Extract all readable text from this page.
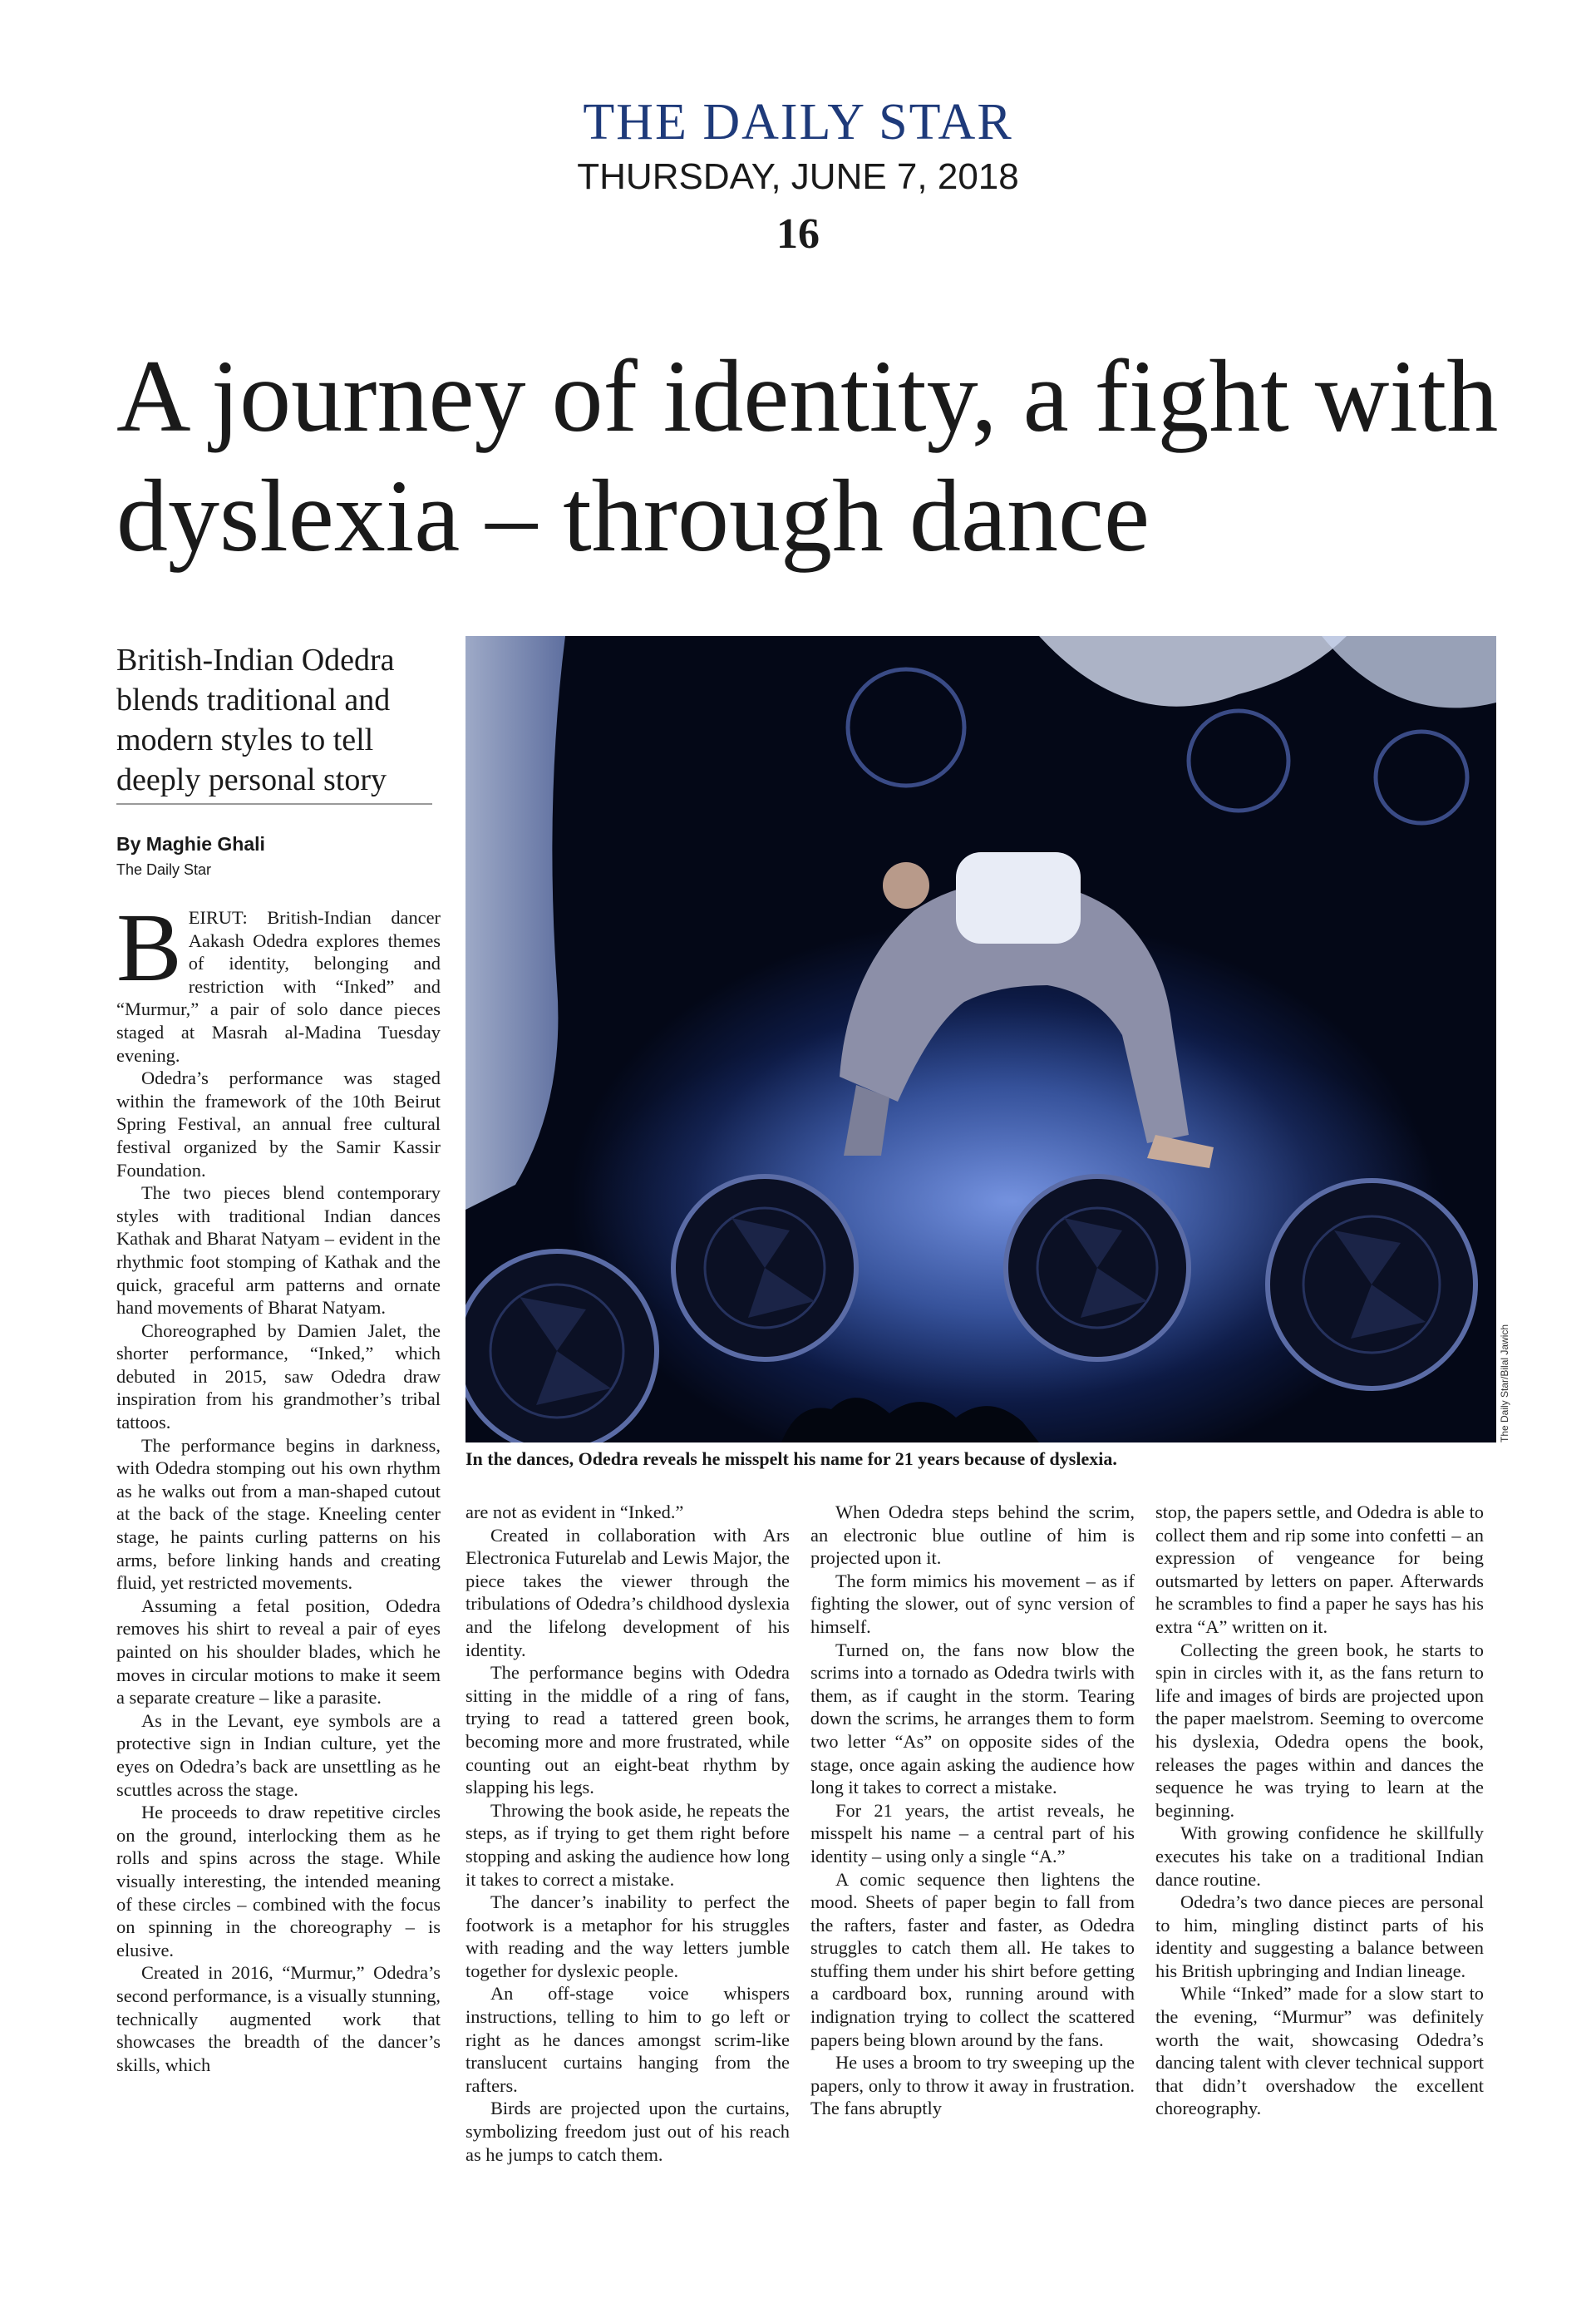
THE DAILY STAR
THURSDAY, JUNE 7, 2018
16
A journey of identity, a fight with dyslexia – through dance
British-Indian Odedra blends traditional and modern styles to tell deeply personal story
By Maghie Ghali
The Daily Star
The Daily Star/Bilal Jawich
In the dances, Odedra reveals he misspelt his name for 21 years because of dyslexia.

BEIRUT: British-Indian dancer Aakash Odedra explores themes of identity, belonging and restriction with “Inked” and “Murmur,” a pair of solo dance pieces staged at Masrah al-Madina Tuesday evening.

Odedra’s performance was staged within the framework of the 10th Beirut Spring Festival, an annual free cultural festival organized by the Samir Kassir Foundation.

The two pieces blend contemporary styles with traditional Indian dances Kathak and Bharat Natyam – evident in the rhythmic foot stomping of Kathak and the quick, graceful arm patterns and ornate hand movements of Bharat Natyam.

Choreographed by Damien Jalet, the shorter performance, “Inked,” which debuted in 2015, saw Odedra draw inspiration from his grandmother’s tribal tattoos.

The performance begins in darkness, with Odedra stomping out his own rhythm as he walks out from a man-shaped cutout at the back of the stage. Kneeling center stage, he paints curling patterns on his arms, before linking hands and creating fluid, yet restricted movements.

Assuming a fetal position, Odedra removes his shirt to reveal a pair of eyes painted on his shoulder blades, which he moves in circular motions to make it seem a separate creature – like a parasite.

As in the Levant, eye symbols are a protective sign in Indian culture, yet the eyes on Odedra’s back are unsettling as he scuttles across the stage.

He proceeds to draw repetitive circles on the ground, interlocking them as he rolls and spins across the stage. While visually interesting, the intended meaning of these circles – combined with the focus on spinning in the choreography – is elusive.

Created in 2016, “Murmur,” Odedra’s second performance, is a visually stunning, technically augmented work that showcases the breadth of the dancer’s skills, which

are not as evident in “Inked.”

Created in collaboration with Ars Electronica Futurelab and Lewis Major, the piece takes the viewer through the tribulations of Odedra’s childhood dyslexia and the lifelong development of his identity.

The performance begins with Odedra sitting in the middle of a ring of fans, trying to read a tattered green book, becoming more and more frustrated, while counting out an eight-beat rhythm by slapping his legs.

Throwing the book aside, he repeats the steps, as if trying to get them right before stopping and asking the audience how long it takes to correct a mistake.

The dancer’s inability to perfect the footwork is a metaphor for his struggles with reading and the way letters jumble together for dyslexic people.

An off-stage voice whispers instructions, telling to him to go left or right as he dances amongst scrim-like translucent curtains hanging from the rafters.

Birds are projected upon the curtains, symbolizing freedom just out of his reach as he jumps to catch them.

When Odedra steps behind the scrim, an electronic blue outline of him is projected upon it.

The form mimics his movement – as if fighting the slower, out of sync version of himself.

Turned on, the fans now blow the scrims into a tornado as Odedra twirls with them, as if caught in the storm. Tearing down the scrims, he arranges them to form two letter “As” on opposite sides of the stage, once again asking the audience how long it takes to correct a mistake.

For 21 years, the artist reveals, he misspelt his name – a central part of his identity – using only a single “A.”

A comic sequence then lightens the mood. Sheets of paper begin to fall from the rafters, faster and faster, as Odedra struggles to catch them all. He takes to stuffing them under his shirt before getting a cardboard box, running around with indignation trying to collect the scattered papers being blown around by the fans.

He uses a broom to try sweeping up the papers, only to throw it away in frustration. The fans abruptly

stop, the papers settle, and Odedra is able to collect them and rip some into confetti – an expression of vengeance for being outsmarted by letters on paper. Afterwards he scrambles to find a paper he says has his extra “A” written on it.

Collecting the green book, he starts to spin in circles with it, as the fans return to life and images of birds are projected upon the paper maelstrom. Seeming to overcome his dyslexia, Odedra opens the book, releases the pages within and dances the sequence he was trying to learn at the beginning.

With growing confidence he skillfully executes his take on a traditional Indian dance routine.

Odedra’s two dance pieces are personal to him, mingling distinct parts of his identity and suggesting a balance between his British upbringing and Indian lineage.

While “Inked” made for a slow start to the evening, “Murmur” was definitely worth the wait, showcasing Odedra’s dancing talent with clever technical support that didn’t overshadow the excellent choreography.
